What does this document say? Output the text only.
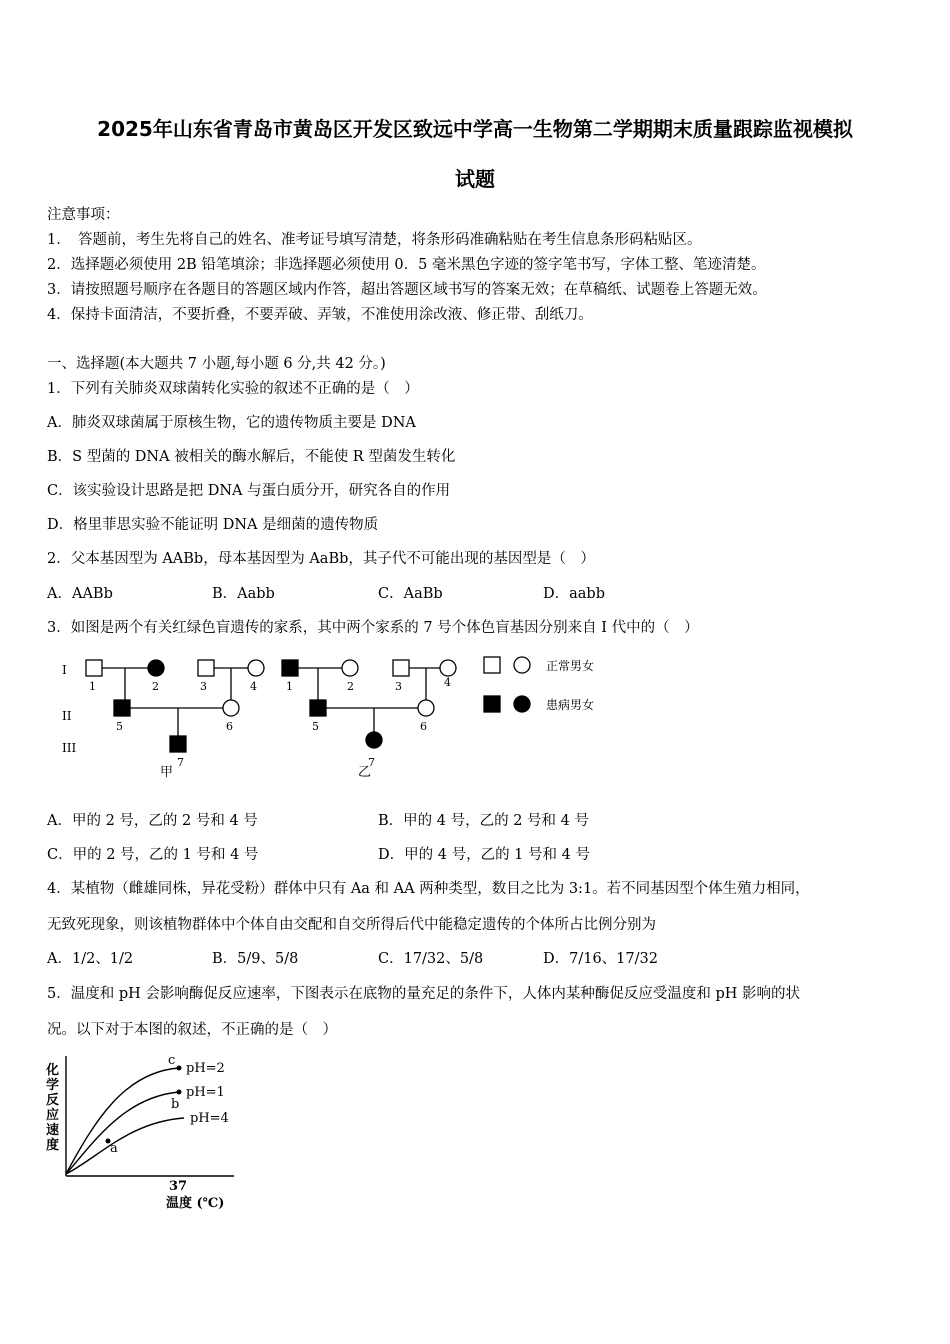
2025年山东省青岛市黄岛区开发区致远中学高一生物第二学期期末质量跟踪监视模拟
试题
注意事项：
1．　答题前，考生先将自己的姓名、准考证号填写清楚，将条形码准确粘贴在考生信息条形码粘贴区。
2．选择题必须使用 2B 铅笔填涂；非选择题必须使用 0．5 毫米黑色字迹的签字笔书写，字体工整、笔迹清楚。
3．请按照题号顺序在各题目的答题区域内作答，超出答题区域书写的答案无效；在草稿纸、试题卷上答题无效。
4．保持卡面清洁，不要折叠，不要弄破、弄皱，不准使用涂改液、修正带、刮纸刀。
一、选择题(本大题共 7 小题,每小题 6 分,共 42 分。)
1．下列有关肺炎双球菌转化实验的叙述不正确的是（　）
A．肺炎双球菌属于原核生物，它的遗传物质主要是 DNA
B．S 型菌的 DNA 被相关的酶水解后，不能使 R 型菌发生转化
C．该实验设计思路是把 DNA 与蛋白质分开，研究各自的作用
D．格里菲思实验不能证明 DNA 是细菌的遗传物质
2．父本基因型为 AABb，母本基因型为 AaBb，其子代不可能出现的基因型是（　）
A．AABb	B．Aabb	C．AaBb	D．aabb
3．如图是两个有关红绿色盲遗传的家系，其中两个家系的 7 号个体色盲基因分别来自 I 代中的（　）
I
II
III
1	2	3	4
5	6
7
1	2	3	4
5	6
7
甲	乙
正常男女
患病男女
A．甲的 2 号，乙的 2 号和 4 号	B．甲的 4 号，乙的 2 号和 4 号
C．甲的 2 号，乙的 1 号和 4 号	D．甲的 4 号，乙的 1 号和 4 号
4．某植物（雌雄同株，异花受粉）群体中只有 Aa 和 AA 两种类型，数目之比为 3:1。若不同基因型个体生殖力相同，
无致死现象，则该植物群体中个体自由交配和自交所得后代中能稳定遗传的个体所占比例分别为
A．1/2、1/2	B．5/9、5/8	C．17/32、5/8	D．7/16、17/32
5．温度和 pH 会影响酶促反应速率，下图表示在底物的量充足的条件下，人体内某种酶促反应受温度和 pH 影响的状
况。以下对于本图的叙述，不正确的是（　）
化
学
反
应
速
度
c
b
a
pH=2
pH=1
pH=4
37
温度 (℃)
